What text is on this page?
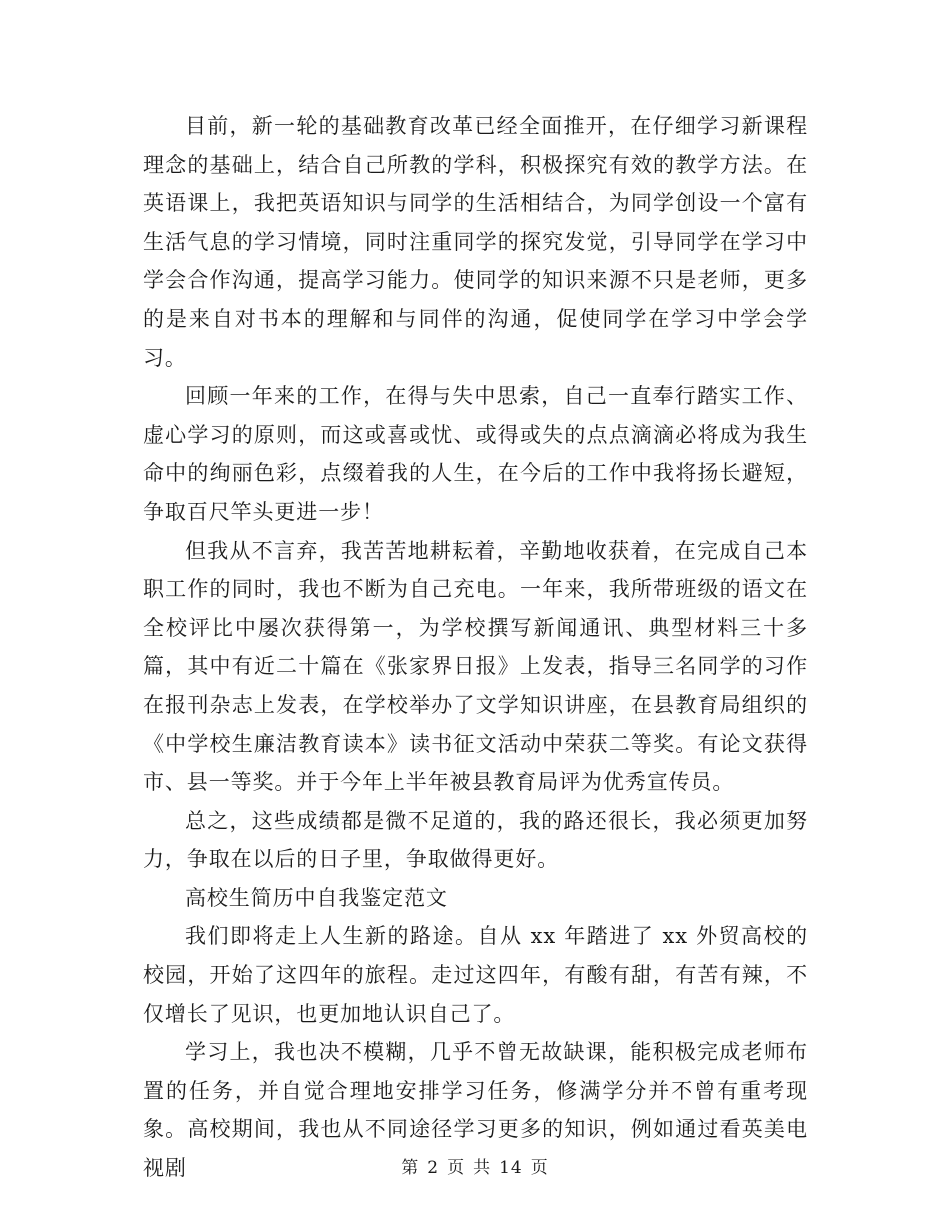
目前，新一轮的基础教育改革已经全面推开，在仔细学习新课程理念的基础上，结合自己所教的学科，积极探究有效的教学方法。在英语课上，我把英语知识与同学的生活相结合，为同学创设一个富有生活气息的学习情境，同时注重同学的探究发觉，引导同学在学习中学会合作沟通，提高学习能力。使同学的知识来源不只是老师，更多的是来自对书本的理解和与同伴的沟通，促使同学在学习中学会学习。

回顾一年来的工作，在得与失中思索，自己一直奉行踏实工作、虚心学习的原则，而这或喜或忧、或得或失的点点滴滴必将成为我生命中的绚丽色彩，点缀着我的人生，在今后的工作中我将扬长避短，争取百尺竿头更进一步！

但我从不言弃，我苦苦地耕耘着，辛勤地收获着，在完成自己本职工作的同时，我也不断为自己充电。一年来，我所带班级的语文在全校评比中屡次获得第一，为学校撰写新闻通讯、典型材料三十多篇，其中有近二十篇在《张家界日报》上发表，指导三名同学的习作在报刊杂志上发表，在学校举办了文学知识讲座，在县教育局组织的《中学校生廉洁教育读本》读书征文活动中荣获二等奖。有论文获得市、县一等奖。并于今年上半年被县教育局评为优秀宣传员。

总之，这些成绩都是微不足道的，我的路还很长，我必须更加努力，争取在以后的日子里，争取做得更好。

高校生简历中自我鉴定范文

我们即将走上人生新的路途。自从 xx 年踏进了 xx 外贸高校的校园，开始了这四年的旅程。走过这四年，有酸有甜，有苦有辣，不仅增长了见识，也更加地认识自己了。

学习上，我也决不模糊，几乎不曾无故缺课，能积极完成老师布置的任务，并自觉合理地安排学习任务，修满学分并不曾有重考现象。高校期间，我也从不同途径学习更多的知识，例如通过看英美电视剧	第 2 页 共 14 页
